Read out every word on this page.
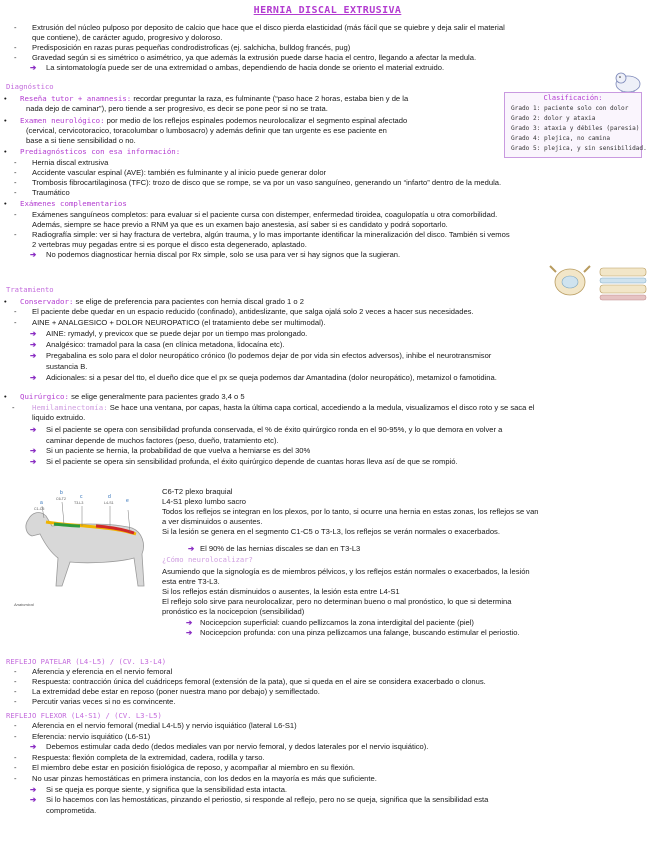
HERNIA DISCAL EXTRUSIVA
- Extrusión del núcleo pulposo por deposito de calcio que hace que el disco pierda elasticidad (más fácil que se quiebre y deja salir el material
que contiene), de carácter agudo, progresivo y doloroso.
- Predisposición en razas puras pequeñas condrodistroficas (ej. salchicha, bulldog francés, pug)
- Gravedad según si es simétrico o asimétrico, ya que además la extrusión puede darse hacia el centro, llegando a afectar la medula.
➔ La sintomatología puede ser de una extremidad o ambas, dependiendo de hacia donde se oriento el material extruido.
Diagnóstico
• Reseña tutor + anamnesis: recordar preguntar la raza, es fulminante (“paso hace 2 horas, estaba bien y de la
nada dejo de caminar”), pero tiende a ser progresivo, es decir se pone peor si no se trata.
• Examen neurológico: por medio de los reflejos espinales podemos neurolocalizar el segmento espinal afectado
(cervical, cervicotoracico, toracolumbar o lumbosacro) y además definir que tan urgente es ese paciente en
base a si tiene sensibilidad o no.
• Prediagnósticos con esa información:
- Hernia discal extrusiva
- Accidente vascular espinal (AVE): también es fulminante y al inicio puede generar dolor
- Trombosis fibrocartilaginosa (TFC): trozo de disco que se rompe, se va por un vaso sanguíneo, generando un “infarto” dentro de la medula.
- Traumático
• Exámenes complementarios
- Exámenes sanguíneos completos: para evaluar si el paciente cursa con distemper, enfermedad tiroidea, coagulopatía u otra comorbilidad.
Además, siempre se hace previo a RNM ya que es un examen bajo anestesia, así saber si es candidato y podrá soportarlo.
- Radiografía simple: ver si hay fractura de vertebra, algún trauma, y lo mas importante identificar la mineralización del disco. También si vemos
2 vertebras muy pegadas entre si es porque el disco esta degenerado, aplastado.
➔ No podemos diagnosticar hernia discal por Rx simple, solo se usa para ver si hay signos que la sugieran.
Clasificación:
Grado 1: paciente solo con dolor
Grado 2: dolor y ataxia
Grado 3: ataxia y débiles (paresia)
Grado 4: plejica, no camina
Grado 5: plejica, y sin sensibilidad.
Tratamiento
• Conservador: se elige de preferencia para pacientes con hernia discal grado 1 o 2
- El paciente debe quedar en un espacio reducido (confinado), antideslizante, que salga ojalá solo 2 veces a hacer sus necesidades.
- AINE + ANALGESICO + DOLOR NEUROPATICO (el tratamiento debe ser multimodal).
➔ AINE: rymadyl, y previcox que se puede dejar por un tiempo mas prolongado.
➔ Analgésico: tramadol para la casa (en clínica metadona, lidocaína etc).
➔ Pregabalina es solo para el dolor neuropático crónico (lo podemos dejar de por vida sin efectos adversos), inhibe el neurotransmisor
sustancia B.
➔ Adicionales: si a pesar del tto, el dueño dice que el px se queja podemos dar Amantadina (dolor neuropático), metamizol o famotidina.
• Quirúrgico: se elige generalmente para pacientes grado 3,4 o 5
- Hemilaminectomía: Se hace una ventana, por capas, hasta la última capa cortical, accediendo a la medula, visualizamos el disco roto y se saca el
liquido extruido.
➔ Si el paciente se opera con sensibilidad profunda conservada, el % de éxito quirúrgico ronda en el 90-95%, y lo que demora en volver a
caminar depende de muchos factores (peso, dueño, tratamiento etc).
➔ Si un paciente se hernia, la probabilidad de que vuelva a herniarse es del 30%
➔ Si el paciente se opera sin sensibilidad profunda, el éxito quirúrgico depende de cuantas horas lleva así de que se rompió.
a
b
c	d
e
C1-C5
C6-T2
T3-L3	L4-S1
Anatomical
C6-T2 plexo braquial
L4-S1 plexo lumbo sacro
Todos los reflejos se integran en los plexos, por lo tanto, si ocurre una hernia en estas zonas, los reflejos se van
a ver disminuidos o ausentes.
Si la lesión se genera en el segmento C1-C5 o T3-L3, los reflejos se verán normales o exacerbados.
➔ El 90% de las hernias discales se dan en T3-L3
¿Cómo neurolocalizar?
Asumiendo que la signología es de miembros pélvicos, y los reflejos están normales o exacerbados, la lesión
esta entre T3-L3.
Si los reflejos están disminuidos o ausentes, la lesión esta entre L4-S1
El reflejo solo sirve para neurolocalizar, pero no determinan bueno o mal pronóstico, lo que si determina
pronóstico es la nocicepcion (sensibilidad)
➔ Nocicepcion superficial: cuando pellizcamos la zona interdigital del paciente (piel)
➔ Nocicepcion profunda: con una pinza pellizcamos una falange, buscando estimular el periostio.
REFLEJO PATELAR (L4-L5) / (CV. L3-L4)
- Aferencia y eferencia en el nervio femoral
- Respuesta: contracción única del cuádriceps femoral (extensión de la pata), que si queda en el aire se considera exacerbado o clonus.
- La extremidad debe estar en reposo (poner nuestra mano por debajo) y semiflectado.
- Percutir varias veces si no es convincente.
REFLEJO FLEXOR (L4-S1) / (CV. L3-L5)
- Aferencia en el nervio femoral (medial L4-L5) y nervio isquiático (lateral L6-S1)
- Eferencia: nervio isquiático (L6-S1)
➔ Debemos estimular cada dedo (dedos mediales van por nervio femoral, y dedos laterales por el nervio isquiático).
- Respuesta: flexión completa de la extremidad, cadera, rodilla y tarso.
- El miembro debe estar en posición fisiológica de reposo, y acompañar al miembro en su flexión.
- No usar pinzas hemostáticas en primera instancia, con los dedos en la mayoría es más que suficiente.
➔ Si se queja es porque siente, y significa que la sensibilidad esta intacta.
➔ Si lo hacemos con las hemostáticas, pinzando el periostio, si responde al reflejo, pero no se queja, significa que la sensibilidad esta
comprometida.
